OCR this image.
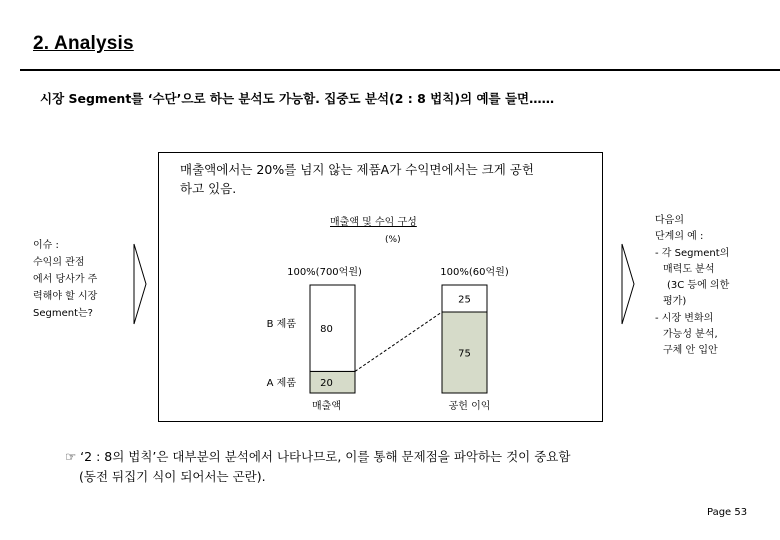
2. Analysis
시장 Segment를 ‘수단’으로 하는 분석도 가능함. 집중도 분석(2 : 8 법칙)의 예를 들면……
매출액에서는 20%를 넘지 않는 제품A가 수익면에서는 크게 공헌
하고 있음.
매출액 및 수익 구성
(%)
이슈 :
수익의 관점
에서 당사가 주
력해야 할 시장
Segment는?
다음의
단계의 예 :
- 각 Segment의
매력도 분석
(3C 등에 의한
평가)
- 시장 변화의
가능성 분석,
구체 안 입안
20
80
매출액
100%(700억원)
75
25
공헌 이익
100%(60억원)
A 제품
B 제품
☞ ‘2 : 8의 법칙’은 대부분의 분석에서 나타나므로, 이를 통해 문제점을 파악하는 것이 중요함
(동전 뒤집기 식이 되어서는 곤란).
Page 53
